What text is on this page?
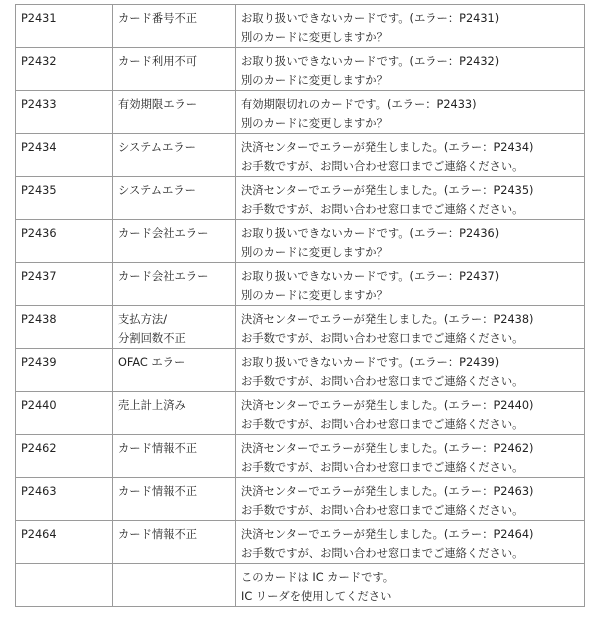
P2431	カード番号不正	お取り扱いできないカードです。(エラー：P2431)
別のカードに変更しますか？

P2432	カード利用不可	お取り扱いできないカードです。(エラー：P2432)
別のカードに変更しますか？

P2433	有効期限エラー	有効期限切れのカードです。(エラー：P2433)
別のカードに変更しますか？

P2434	システムエラー	決済センターでエラーが発生しました。(エラー：P2434)
お手数ですが、お問い合わせ窓口までご連絡ください。

P2435	システムエラー	決済センターでエラーが発生しました。(エラー：P2435)
お手数ですが、お問い合わせ窓口までご連絡ください。

P2436	カード会社エラー	お取り扱いできないカードです。(エラー：P2436)
別のカードに変更しますか？

P2437	カード会社エラー	お取り扱いできないカードです。(エラー：P2437)
別のカードに変更しますか？

P2438	支払方法/
分割回数不正	決済センターでエラーが発生しました。(エラー：P2438)
お手数ですが、お問い合わせ窓口までご連絡ください。

P2439	OFAC エラー	お取り扱いできないカードです。(エラー：P2439)
お手数ですが、お問い合わせ窓口までご連絡ください。

P2440	売上計上済み	決済センターでエラーが発生しました。(エラー：P2440)
お手数ですが、お問い合わせ窓口までご連絡ください。

P2462	カード情報不正	決済センターでエラーが発生しました。(エラー：P2462)
お手数ですが、お問い合わせ窓口までご連絡ください。

P2463	カード情報不正	決済センターでエラーが発生しました。(エラー：P2463)
お手数ですが、お問い合わせ窓口までご連絡ください。

P2464	カード情報不正	決済センターでエラーが発生しました。(エラー：P2464)
お手数ですが、お問い合わせ窓口までご連絡ください。

		このカードは IC カードです。
IC リーダを使用してください
